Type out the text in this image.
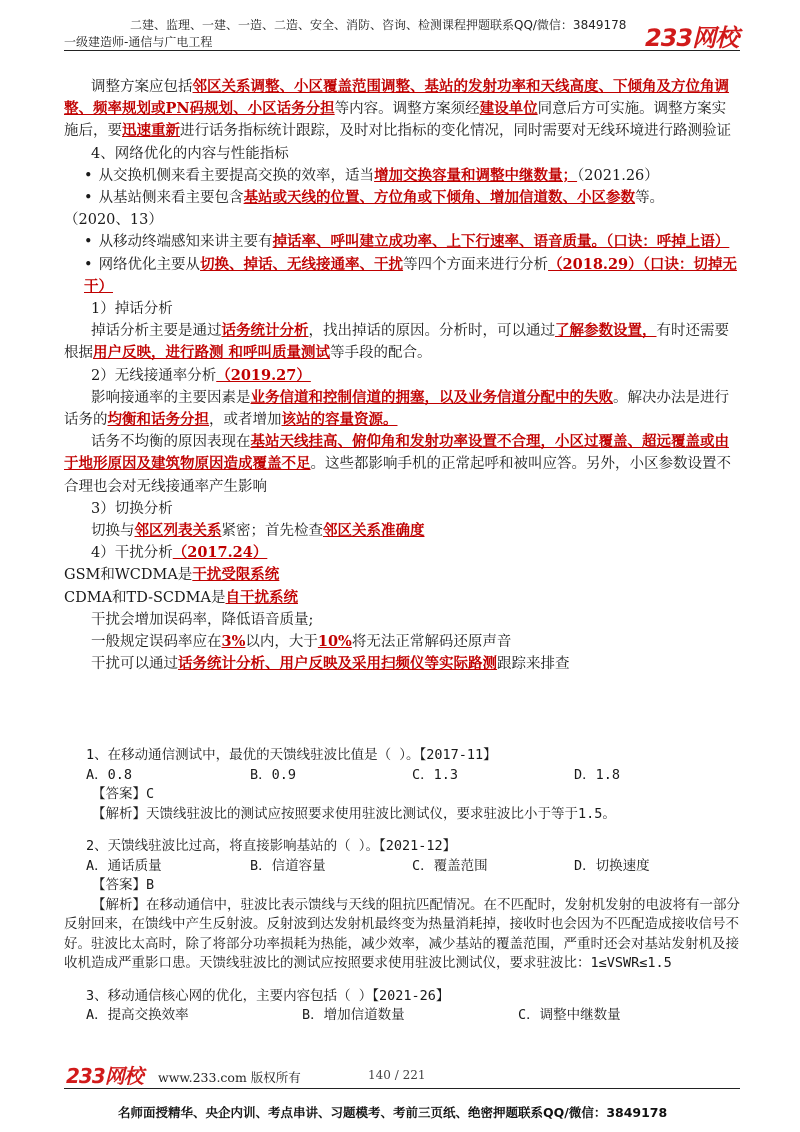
二建、监理、一建、一造、二造、安全、消防、咨询、检测课程押题联系QQ/微信：3849178
一级建造师-通信与广电工程	233网校

调整方案应包括邻区关系调整、小区覆盖范围调整、基站的发射功率和天线高度、下倾角及方位角调整、频率规划或PN码规划、小区话务分担等内容。调整方案须经建设单位同意后方可实施。调整方案实施后，要迅速重新进行话务指标统计跟踪，及时对比指标的变化情况，同时需要对无线环境进行路测验证

4、网络优化的内容与性能指标

• 从交换机侧来看主要提高交换的效率，适当增加交换容量和调整中继数量；（2021.26）

• 从基站侧来看主要包含基站或天线的位置、方位角或下倾角、增加信道数、小区参数等。

（2020、13）

• 从移动终端感知来讲主要有掉话率、呼叫建立成功率、上下行速率、语音质量。（口诀：呼掉上语）

• 网络优化主要从切换、掉话、无线接通率、干扰等四个方面来进行分析（2018.29）（口诀：切掉无干）

1）掉话分析

掉话分析主要是通过话务统计分析，找出掉话的原因。分析时，可以通过了解参数设置，有时还需要根据用户反映，进行路测 和呼叫质量测试等手段的配合。

2）无线接通率分析（2019.27）

影响接通率的主要因素是业务信道和控制信道的拥塞，以及业务信道分配中的失败。解决办法是进行话务的均衡和话务分担，或者增加该站的容量资源。

话务不均衡的原因表现在基站天线挂高、俯仰角和发射功率设置不合理，小区过覆盖、超远覆盖或由于地形原因及建筑物原因造成覆盖不足。这些都影响手机的正常起呼和被叫应答。另外，小区参数设置不合理也会对无线接通率产生影响

3）切换分析

切换与邻区列表关系紧密；首先检查邻区关系准确度

4）干扰分析（2017.24）

GSM和WCDMA是干扰受限系统

CDMA和TD-SCDMA是自干扰系统

干扰会增加误码率，降低语音质量;

一般规定误码率应在3%以内，大于10%将无法正常解码还原声音

干扰可以通过话务统计分析、用户反映及采用扫频仪等实际路测跟踪来排查

1、在移动通信测试中，最优的天馈线驻波比值是（ ）。【2017-11】

A．0.8	B．0.9	C．1.3	D．1.8

【答案】C

【解析】天馈线驻波比的测试应按照要求使用驻波比测试仪，要求驻波比小于等于1.5。

2、天馈线驻波比过高，将直接影响基站的（ ）。【2021-12】

A．通话质量	B．信道容量	C．覆盖范围	D．切换速度

【答案】B

【解析】在移动通信中，驻波比表示馈线与天线的阻抗匹配情况。在不匹配时，发射机发射的电波将有一部分反射回来，在馈线中产生反射波。反射波到达发射机最终变为热量消耗掉，接收时也会因为不匹配造成接收信号不好。驻波比太高时，除了将部分功率损耗为热能，减少效率，减少基站的覆盖范围，严重时还会对基站发射机及接收机造成严重影口患。天馈线驻波比的测试应按照要求使用驻波比测试仪，要求驻波比：1≤VSWR≤1.5

3、移动通信核心网的优化，主要内容包括（ ）【2021-26】

A．提高交换效率	B．增加信道数量	C．调整中继数量
233网校 www.233.com 版权所有	140 / 221
名师面授精华、央企内训、考点串讲、习题模考、考前三页纸、绝密押题联系QQ/微信：3849178
